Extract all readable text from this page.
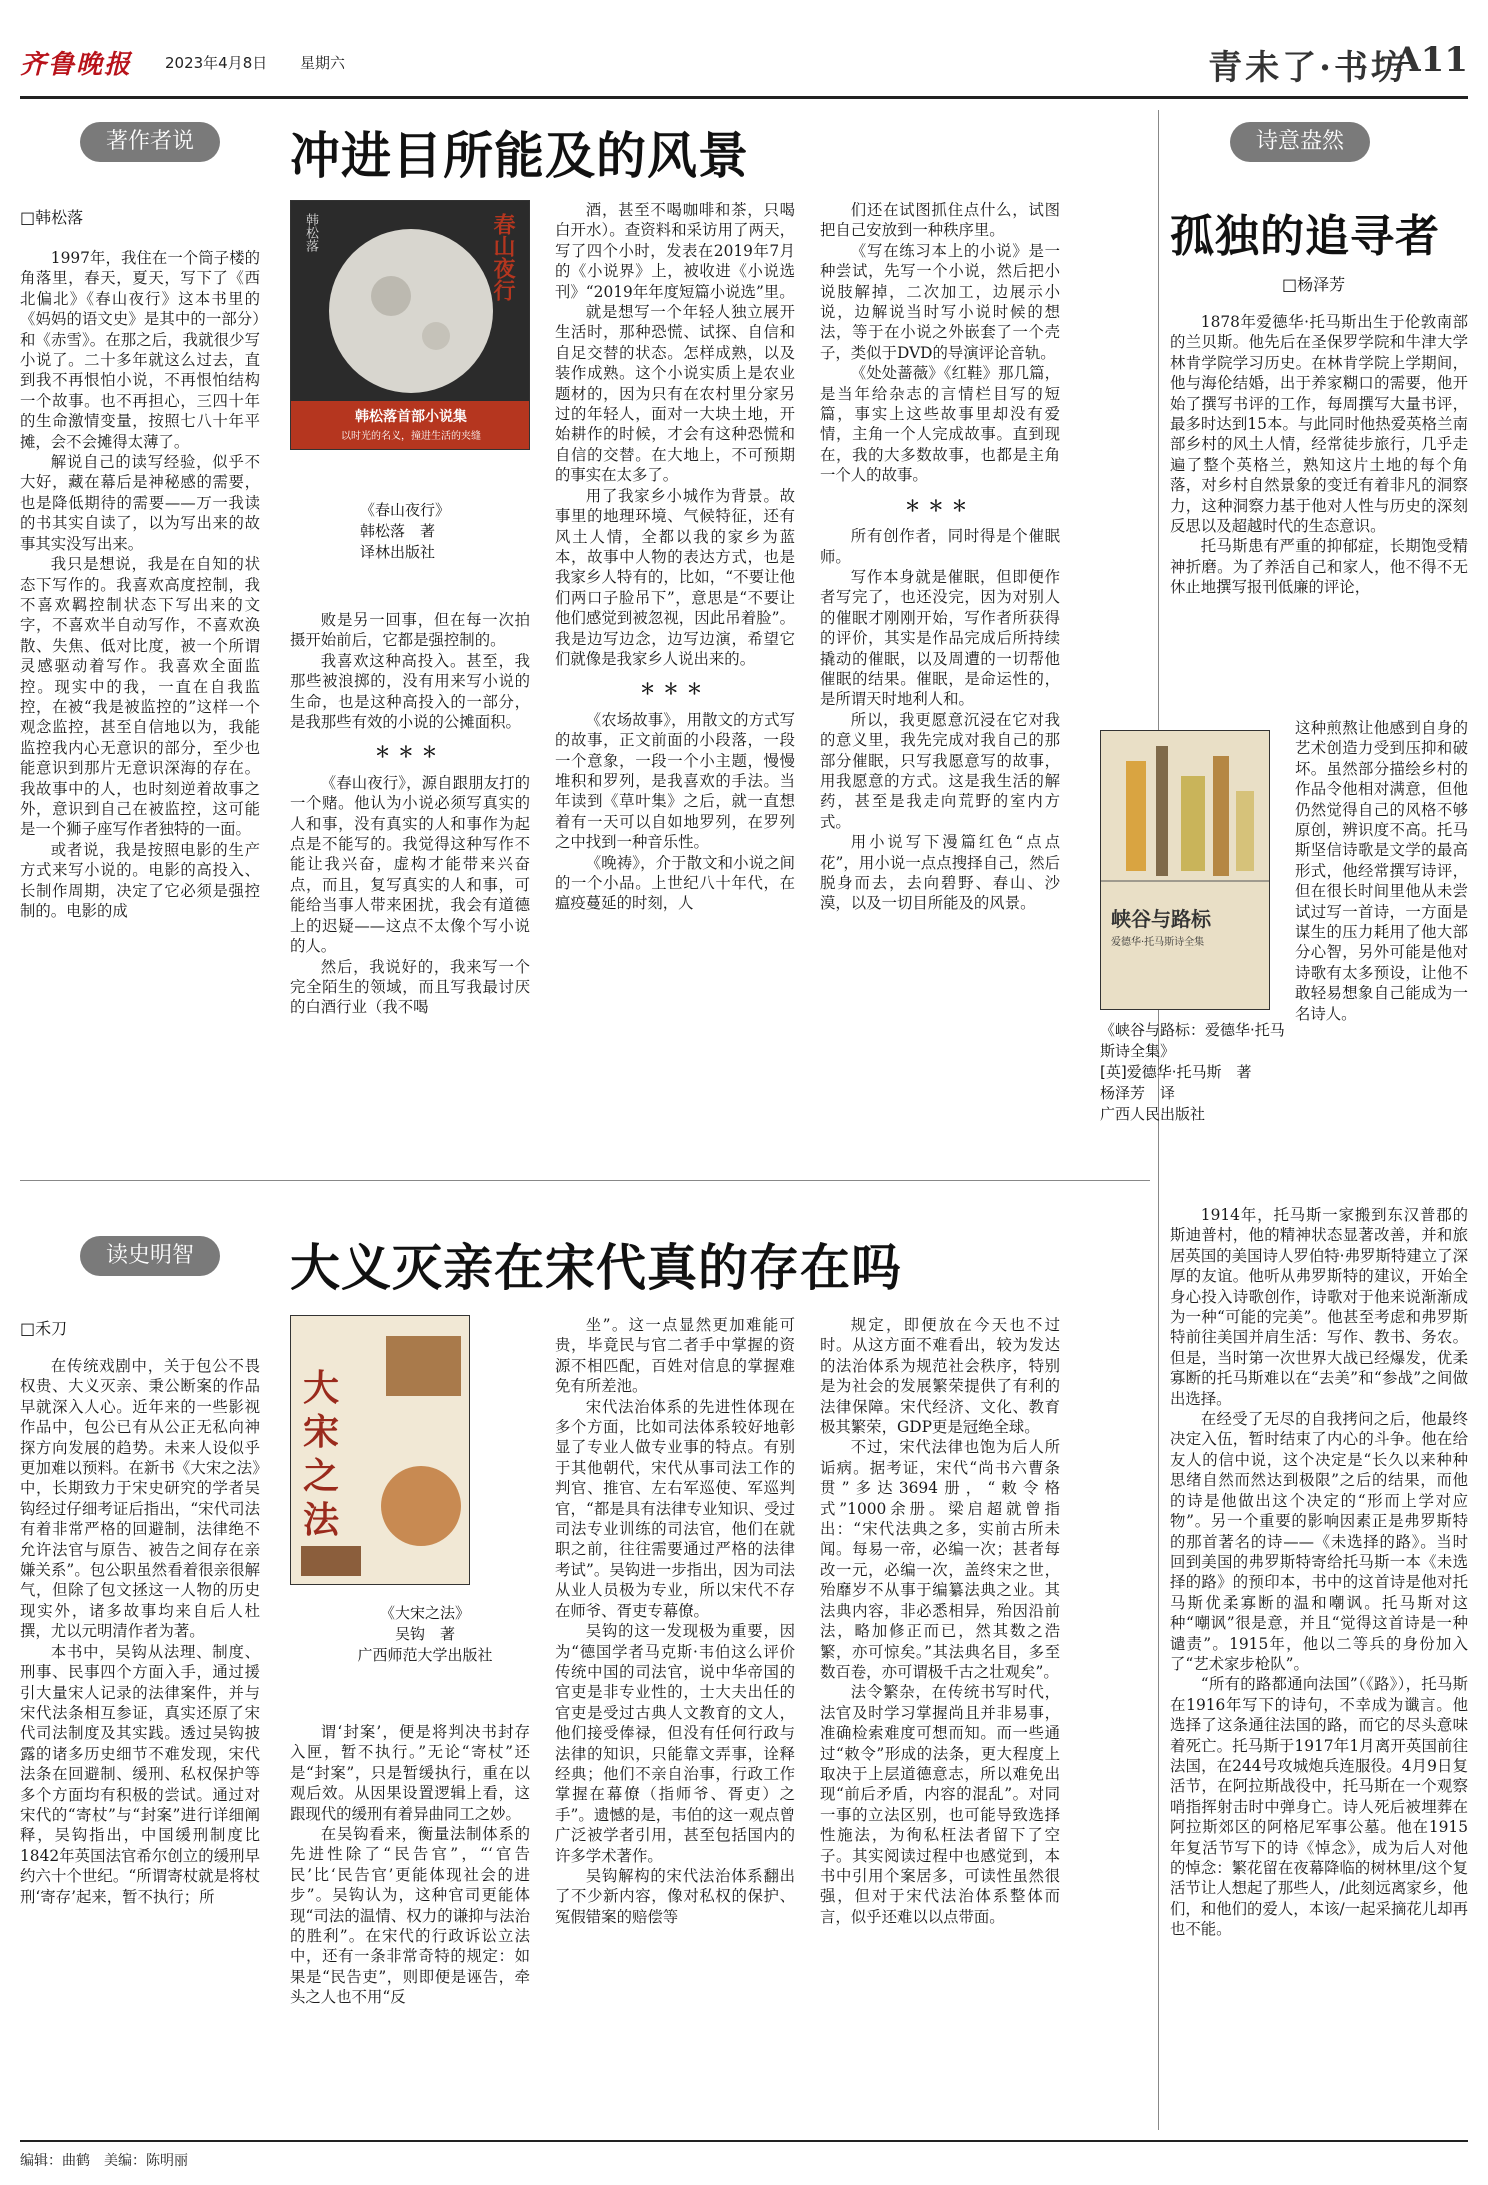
齐鲁晚报 2023年4月8日 星期六	青未了·书坊
A11
著作者说	冲进目所能及的风景
□韩松落

1997年，我住在一个筒子楼的角落里，春天，夏天，写下了《西北偏北》《春山夜行》这本书里的《妈妈的语文史》是其中的一部分）和《赤雪》。在那之后，我就很少写小说了。二十多年就这么过去，直到我不再恨怕小说，不再恨怕结构一个故事。也不再担心，三四十年的生命激情变量，按照七八十年平摊，会不会摊得太薄了。

解说自己的读写经验，似乎不大好，藏在幕后是神秘感的需要，也是降低期待的需要——万一我读的书其实自读了，以为写出来的故事其实没写出来。

我只是想说，我是在自知的状态下写作的。我喜欢高度控制，我不喜欢羁控制状态下写出来的文字，不喜欢半自动写作，不喜欢涣散、失焦、低对比度，被一个所谓灵感驱动着写作。我喜欢全面监控。现实中的我，一直在自我监控，在被“我是被监控的”这样一个观念监控，甚至自信地以为，我能监控我内心无意识的部分，至少也能意识到那片无意识深海的存在。我故事中的人，也时刻逆着故事之外，意识到自己在被监控，这可能是一个狮子座写作者独特的一面。

或者说，我是按照电影的生产方式来写小说的。电影的高投入、长制作周期，决定了它必须是强控制的。电影的成

春山夜行
韩松落
韩松落首部小说集
以时光的名义，撞进生活的夹缝
《春山夜行》
韩松落　著
译林出版社

败是另一回事，但在每一次拍摄开始前后，它都是强控制的。

我喜欢这种高投入。甚至，我那些被浪掷的，没有用来写小说的生命，也是这种高投入的一部分，是我那些有效的小说的公摊面积。

＊＊＊

《春山夜行》，源自跟朋友打的一个赌。他认为小说必须写真实的人和事，没有真实的人和事作为起点是不能写的。我觉得这种写作不能让我兴奋，虚构才能带来兴奋点，而且，复写真实的人和事，可能给当事人带来困扰，我会有道德上的迟疑——这点不太像个写小说的人。

然后，我说好的，我来写一个完全陌生的领域，而且写我最讨厌的白酒行业（我不喝

酒，甚至不喝咖啡和茶，只喝白开水）。查资料和采访用了两天，写了四个小时，发表在2019年7月的《小说界》上，被收进《小说选刊》“2019年年度短篇小说选”里。

就是想写一个年轻人独立展开生活时，那种恐慌、试探、自信和自足交替的状态。怎样成熟，以及装作成熟。这个小说实质上是农业题材的，因为只有在农村里分家另过的年轻人，面对一大块土地，开始耕作的时候，才会有这种恐慌和自信的交替。在大地上，不可预期的事实在太多了。

用了我家乡小城作为背景。故事里的地理环境、气候特征，还有风土人情，全都以我的家乡为蓝本，故事中人物的表达方式，也是我家乡人特有的，比如，“不要让他们两口子脸吊下”，意思是“不要让他们感觉到被忽视，因此吊着脸”。我是边写边念，边写边演，希望它们就像是我家乡人说出来的。

＊＊＊

《农场故事》，用散文的方式写的故事，正文前面的小段落，一段一个意象，一段一个小主题，慢慢堆积和罗列，是我喜欢的手法。当年读到《草叶集》之后，就一直想着有一天可以自如地罗列，在罗列之中找到一种音乐性。

《晚祷》，介于散文和小说之间的一个小品。上世纪八十年代，在瘟疫蔓延的时刻，人

们还在试图抓住点什么，试图把自己安放到一种秩序里。

《写在练习本上的小说》是一种尝试，先写一个小说，然后把小说肢解掉，二次加工，边展示小说，边解说当时写小说时候的想法，等于在小说之外嵌套了一个壳子，类似于DVD的导演评论音轨。

《处处蔷薇》《红鞋》那几篇，是当年给杂志的言情栏目写的短篇，事实上这些故事里却没有爱情，主角一个人完成故事。直到现在，我的大多数故事，也都是主角一个人的故事。

＊＊＊

所有创作者，同时得是个催眠师。

写作本身就是催眠，但即便作者写完了，也还没完，因为对别人的催眠才刚刚开始，写作者所获得的评价，其实是作品完成后所持续撬动的催眠，以及周遭的一切帮他催眠的结果。催眠，是命运性的，是所谓天时地利人和。

所以，我更愿意沉浸在它对我的意义里，我先完成对我自己的那部分催眠，只写我愿意写的故事，用我愿意的方式。这是我生活的解药，甚至是我走向荒野的室内方式。

用小说写下漫篇红色“点点花”，用小说一点点搜择自己，然后脱身而去，去向碧野、春山、沙漠，以及一切目所能及的风景。

诗意盎然
孤独的追寻者
□杨泽芳

1878年爱德华·托马斯出生于伦敦南部的兰贝斯。他先后在圣保罗学院和牛津大学林肯学院学习历史。在林肯学院上学期间，他与海伦结婚，出于养家糊口的需要，他开始了撰写书评的工作，每周撰写大量书评，最多时达到15本。与此同时他热爱英格兰南部乡村的风土人情，经常徒步旅行，几乎走遍了整个英格兰，熟知这片土地的每个角落，对乡村自然景象的变迁有着非凡的洞察力，这种洞察力基于他对人性与历史的深刻反思以及超越时代的生态意识。

托马斯患有严重的抑郁症，长期饱受精神折磨。为了养活自己和家人，他不得不无休止地撰写报刊低廉的评论，

峡谷与路标
爱德华·托马斯诗全集
《峡谷与路标：爱德华·托马斯诗全集》
[英]爱德华·托马斯　著
杨泽芳　译
广西人民出版社

这种煎熬让他感到自身的艺术创造力受到压抑和破坏。虽然部分描绘乡村的作品令他相对满意，但他仍然觉得自己的风格不够原创，辨识度不高。托马斯坚信诗歌是文学的最高形式，他经常撰写诗评，但在很长时间里他从未尝试过写一首诗，一方面是谋生的压力耗用了他大部分心智，另外可能是他对诗歌有太多预设，让他不敢轻易想象自己能成为一名诗人。

1914年，托马斯一家搬到东汉普郡的斯迪普村，他的精神状态显著改善，并和旅居英国的美国诗人罗伯特·弗罗斯特建立了深厚的友谊。他听从弗罗斯特的建议，开始全身心投入诗歌创作，诗歌对于他来说渐渐成为一种“可能的完美”。他甚至考虑和弗罗斯特前往美国并肩生活：写作、教书、务农。但是，当时第一次世界大战已经爆发，优柔寡断的托马斯难以在“去美”和“参战”之间做出选择。

在经受了无尽的自我拷问之后，他最终决定入伍，暂时结束了内心的斗争。他在给友人的信中说，这个决定是“长久以来种种思绪自然而然达到极限”之后的结果，而他的诗是他做出这个决定的“形而上学对应物”。另一个重要的影响因素正是弗罗斯特的那首著名的诗——《未选择的路》。当时回到美国的弗罗斯特寄给托马斯一本《未选择的路》的预印本，书中的这首诗是他对托马斯优柔寡断的温和嘲讽。托马斯对这种“嘲讽”很是意，并且“觉得这首诗是一种谴责”。1915年，他以二等兵的身份加入了“艺术家步枪队”。

“所有的路都通向法国”（《路》），托马斯在1916年写下的诗句，不幸成为谶言。他选择了这条通往法国的路，而它的尽头意味着死亡。托马斯于1917年1月离开英国前往法国，在244号攻城炮兵连服役。4月9日复活节，在阿拉斯战役中，托马斯在一个观察哨指挥射击时中弹身亡。诗人死后被埋葬在阿拉斯郊区的阿格尼军事公墓。他在1915年复活节写下的诗《悼念》，成为后人对他的悼念：繁花留在夜幕降临的树林里/这个复活节让人想起了那些人，/此刻远离家乡，他们，和他们的爱人，本该/一起采摘花儿却再也不能。

读史明智	大义灭亲在宋代真的存在吗
□禾刀

在传统戏剧中，关于包公不畏权贵、大义灭亲、秉公断案的作品早就深入人心。近年来的一些影视作品中，包公已有从公正无私向神探方向发展的趋势。未来人设似乎更加难以预料。在新书《大宋之法》中，长期致力于宋史研究的学者吴钩经过仔细考证后指出，“宋代司法有着非常严格的回避制，法律绝不允许法官与原告、被告之间存在亲嫌关系”。包公职虽然看着很亲很解气，但除了包文拯这一人物的历史现实外，诸多故事均来自后人杜撰，尤以元明清作者为著。

本书中，吴钩从法理、制度、刑事、民事四个方面入手，通过援引大量宋人记录的法律案件，并与宋代法条相互参证，真实还原了宋代司法制度及其实践。透过吴钩披露的诸多历史细节不难发现，宋代法条在回避制、缓刑、私权保护等多个方面均有积极的尝试。通过对宋代的“寄杖”与“封案”进行详细阐释，吴钩指出，中国缓刑制度比1842年英国法官希尔创立的缓刑早约六十个世纪。“所谓寄杖就是将杖刑‘寄存’起来，暂不执行；所

大宋之法
《大宋之法》
吴钩　著
广西师范大学出版社

谓‘封案’，便是将判决书封存入匣，暂不执行。”无论“寄杖”还是“封案”，只是暂缓执行，重在以观后效。从因果设置逻辑上看，这跟现代的缓刑有着异曲同工之妙。

在吴钩看来，衡量法制体系的先进性除了“民告官”，“‘官告民’比‘民告官’更能体现社会的进步”。吴钩认为，这种官司更能体现“司法的温情、权力的谦抑与法治的胜利”。在宋代的行政诉讼立法中，还有一条非常奇特的规定：如果是“民告吏”，则即便是诬告，牵头之人也不用“反

坐”。这一点显然更加难能可贵，毕竟民与官二者手中掌握的资源不相匹配，百姓对信息的掌握难免有所差池。

宋代法治体系的先进性体现在多个方面，比如司法体系较好地彰显了专业人做专业事的特点。有别于其他朝代，宋代从事司法工作的判官、推官、左右军巡使、军巡判官，“都是具有法律专业知识、受过司法专业训练的司法官，他们在就职之前，往往需要通过严格的法律考试”。吴钩进一步指出，因为司法从业人员极为专业，所以宋代不存在师爷、胥吏专幕僚。

吴钩的这一发现极为重要，因为“德国学者马克斯·韦伯这么评价传统中国的司法官，说中华帝国的官吏是非专业性的，士大夫出任的官吏是受过古典人文教育的文人，他们接受俸禄，但没有任何行政与法律的知识，只能靠文弄事，诠释经典；他们不亲自治事，行政工作掌握在幕僚（指师爷、胥吏）之手”。遗憾的是，韦伯的这一观点曾广泛被学者引用，甚至包括国内的许多学术著作。

吴钩解构的宋代法治体系翻出了不少新内容，像对私权的保护、冤假错案的赔偿等

规定，即便放在今天也不过时。从这方面不难看出，较为发达的法治体系为规范社会秩序，特别是为社会的发展繁荣提供了有利的法律保障。宋代经济、文化、教育极其繁荣，GDP更是冠绝全球。

不过，宋代法律也饱为后人所诟病。据考证，宋代“尚书六曹条贯”多达3694册，“敕令格式”1000余册。梁启超就曾指出：“宋代法典之多，实前古所未闻。每易一帝，必编一次；甚者每改一元，必编一次，盖终宋之世，殆靡岁不从事于编纂法典之业。其法典内容，非必悉相异，殆因沿前法，略加修正而已，然其数之浩繁，亦可惊矣。”其法典名目，多至数百卷，亦可谓极千古之壮观矣”。

法令繁杂，在传统书写时代，法官及时学习掌握尚且并非易事，准确检索难度可想而知。而一些通过“敕令”形成的法条，更大程度上取决于上层道德意志，所以难免出现“前后矛盾，内容的混乱”。对同一事的立法区别，也可能导致选择性施法，为徇私枉法者留下了空子。其实阅读过程中也感觉到，本书中引用个案居多，可读性虽然很强，但对于宋代法治体系整体而言，似乎还难以以点带面。

编辑：曲鹤　美编：陈明丽
